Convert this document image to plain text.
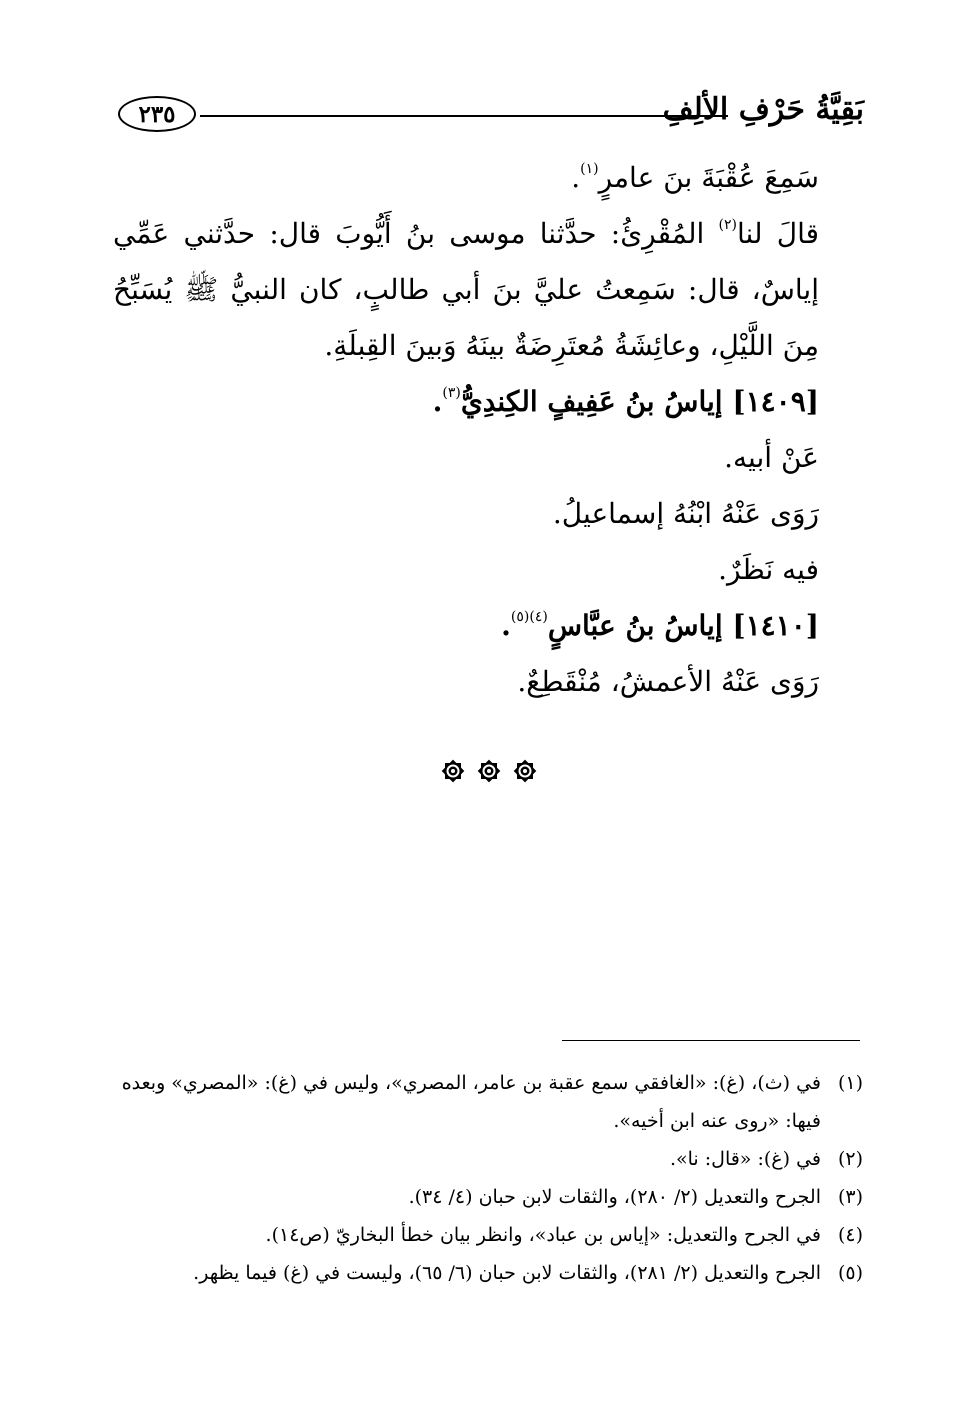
بَقِيَّةُ حَرْفِ الألِفِ
٢٣٥

سَمِعَ عُقْبَةَ بنَ عامرٍ$^{(١)}$.

قالَ لنا$^{(٢)}$ المُقْرِئُ: حدَّثنا موسى بنُ أَيُّوبَ قال: حدَّثني عَمِّي إياسٌ، قال: سَمِعتُ عليَّ بنَ أبي طالبٍ، كان النبيُّ ﷺ يُسَبِّحُ مِنَ اللَّيْلِ، وعائِشَةُ مُعتَرِضَةٌ بينَهُ وَبينَ القِبلَةِ.

[١٤٠٩] إياسُ بنُ عَفِيفٍ الكِندِيُّ$^{(٣)}$.

عَنْ أبيه.

رَوَى عَنْهُ ابْنُهُ إسماعيلُ.

فيه نَظَرٌ.

[١٤١٠] إياسُ بنُ عبَّاسٍ$^{(٤)(٥)}$.

رَوَى عَنْهُ الأعمشُ، مُنْقَطِعٌ.

(١)
في (ث)، (غ): «الغافقي سمع عقبة بن عامر، المصري»، وليس في (غ): «المصري» وبعده فيها: «روى عنه ابن أخيه».
(٢)
في (غ): «قال: نا».
(٣)
الجرح والتعديل (٢/ ٢٨٠)، والثقات لابن حبان (٤/ ٣٤).
(٤)
في الجرح والتعديل: «إياس بن عباد»، وانظر بيان خطأ البخاريّ (ص١٤).
(٥)
الجرح والتعديل (٢/ ٢٨١)، والثقات لابن حبان (٦/ ٦٥)، وليست في (غ) فيما يظهر.
